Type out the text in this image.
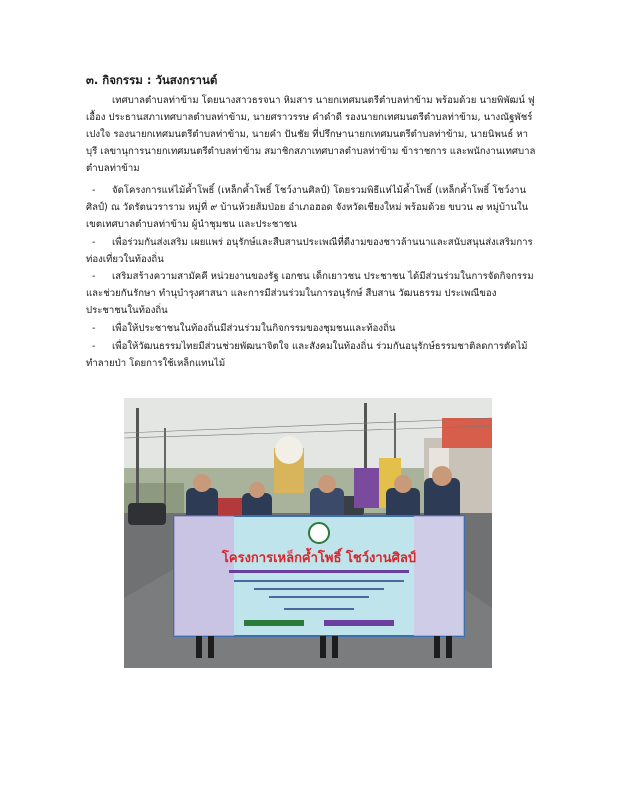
๓. กิจกรรม : วันสงกรานต์
เทศบาลตำบลท่าข้าม โดยนางสาวธรจนา หิมสาร นายกเทศมนตรีตำบลท่าข้าม พร้อมด้วย นายพิพัฒน์ ฟูเอื้อง ประธานสภาเทศบาลตำบลท่าข้าม, นายศราวรรษ คำดำดี รองนายกเทศมนตรีตำบลท่าข้าม, นางณัฐพัชร์ เปงใจ รองนายกเทศมนตรีตำบลท่าข้าม, นายคำ ปันชัย ที่ปรึกษานายกเทศมนตรีตำบลท่าข้าม, นายนิพนธ์ หาบุรี เลขานุการนายกเทศมนตรีตำบลท่าข้าม สมาชิกสภาเทศบาลตำบลท่าข้าม ข้าราชการ และพนักงานเทศบาลตำบลท่าข้าม
- จัดโครงการแห่ไม้ค้ำโพธิ์ (เหล็กค้ำโพธิ์ โชว์งานศิลป์) โดยรวมพิธีแห่ไม้ค้ำโพธิ์ (เหล็กค้ำโพธิ์ โชว์งานศิลป์) ณ วัดรัตนวราราม หมู่ที่ ๙ บ้านห้วยส้มป่อย อำเภอฮอด จังหวัดเชียงใหม่ พร้อมด้วย ขบวน ๗ หมู่บ้านในเขตเทศบาลตำบลท่าข้าม ผู้นำชุมชน และประชาชน
- เพื่อร่วมกันส่งเสริม เผยแพร่ อนุรักษ์และสืบสานประเพณีที่ดีงามของชาวล้านนาและสนับสนุนส่งเสริมการท่องเที่ยวในท้องถิ่น
- เสริมสร้างความสามัคคี หน่วยงานของรัฐ เอกชน เด็กเยาวชน ประชาชน ได้มีส่วนร่วมในการจัดกิจกรรม และช่วยกันรักษา ทำนุบำรุงศาสนา และการมีส่วนร่วมในการอนุรักษ์ สืบสาน วัฒนธรรม ประเพณีของ ประชาชนในท้องถิ่น
- เพื่อให้ประชาชนในท้องถิ่นมีส่วนร่วมในกิจกรรมของชุมชนและท้องถิ่น
- เพื่อให้วัฒนธรรมไทยมีส่วนช่วยพัฒนาจิตใจ และสังคมในท้องถิ่น ร่วมกันอนุรักษ์ธรรมชาติลดการตัดไม้ทำลายป่า โดยการใช้เหล็กแทนไม้
โครงการเหล็กค้ำโพธิ์ โชว์งานศิลป์
